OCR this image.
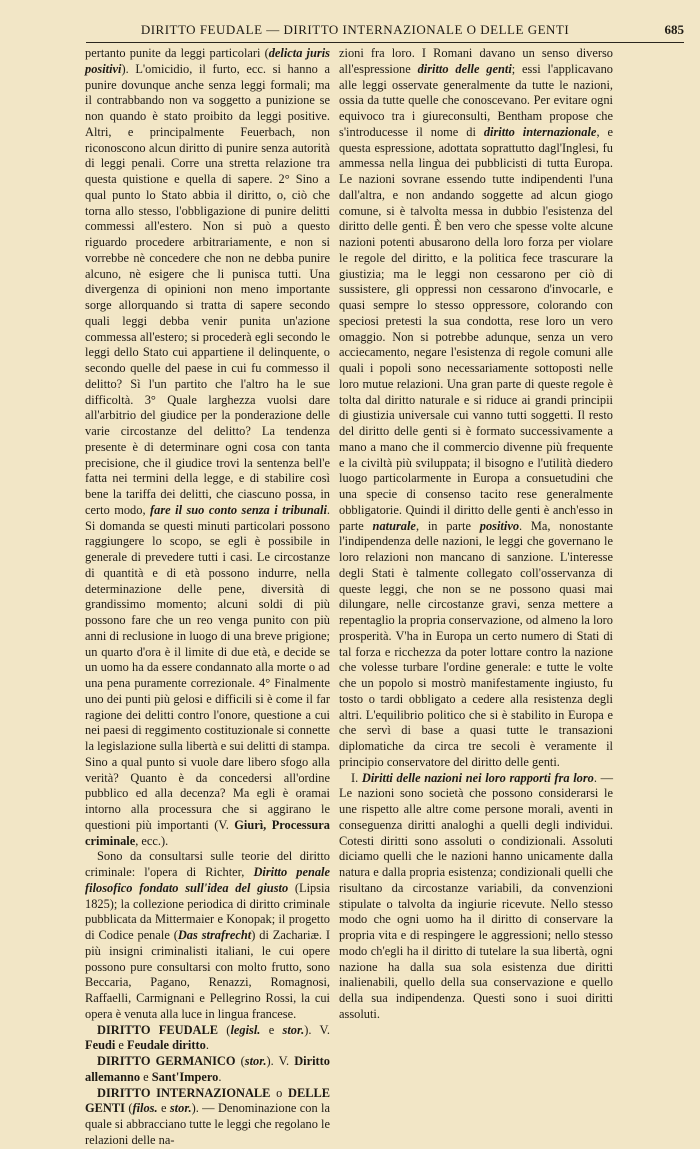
DIRITTO FEUDALE — DIRITTO INTERNAZIONALE O DELLE GENTI	685

pertanto punite da leggi particolari (delicta juris positivi). L'omicidio, il furto, ecc. si hanno a punire dovunque anche senza leggi formali; ma il contrabbando non va soggetto a punizione se non quando è stato proibito da leggi positive. Altri, e principalmente Feuerbach, non riconoscono alcun diritto di punire senza autorità di leggi penali. Corre una stretta relazione tra questa quistione e quella di sapere. 2° Sino a qual punto lo Stato abbia il diritto, o, ciò che torna allo stesso, l'obbligazione di punire delitti commessi all'estero. Non si può a questo riguardo procedere arbitrariamente, e non si vorrebbe nè concedere che non ne debba punire alcuno, nè esigere che li punisca tutti. Una divergenza di opinioni non meno importante sorge allorquando si tratta di sapere secondo quali leggi debba venir punita un'azione commessa all'estero; si procederà egli secondo le leggi dello Stato cui appartiene il delinquente, o secondo quelle del paese in cui fu commesso il delitto? Sì l'un partito che l'altro ha le sue difficoltà. 3° Quale larghezza vuolsi dare all'arbitrio del giudice per la ponderazione delle varie circostanze del delitto? La tendenza presente è di determinare ogni cosa con tanta precisione, che il giudice trovi la sentenza bell'e fatta nei termini della legge, e di stabilire così bene la tariffa dei delitti, che ciascuno possa, in certo modo, fare il suo conto senza i tribunali. Si domanda se questi minuti particolari possono raggiungere lo scopo, se egli è possibile in generale di prevedere tutti i casi. Le circostanze di quantità e di età possono indurre, nella determinazione delle pene, diversità di grandissimo momento; alcuni soldi di più possono fare che un reo venga punito con più anni di reclusione in luogo di una breve prigione; un quarto d'ora è il limite di due età, e decide se un uomo ha da essere condannato alla morte o ad una pena puramente correzionale. 4° Finalmente uno dei punti più gelosi e difficili si è come il far ragione dei delitti contro l'onore, questione a cui nei paesi di reggimento costituzionale si connette la legislazione sulla libertà e sui delitti di stampa. Sino a qual punto si vuole dare libero sfogo alla verità? Quanto è da concedersi all'ordine pubblico ed alla decenza? Ma egli è oramai intorno alla processura che si aggirano le questioni più importanti (V. Giurì, Processura criminale, ecc.).

Sono da consultarsi sulle teorie del diritto criminale: l'opera di Richter, Diritto penale filosofico fondato sull'idea del giusto (Lipsia 1825); la collezione periodica di diritto criminale pubblicata da Mittermaier e Konopak; il progetto di Codice penale (Das strafrecht) di Zachariæ. I più insigni criminalisti italiani, le cui opere possono pure consultarsi con molto frutto, sono Beccaria, Pagano, Renazzi, Romagnosi, Raffaelli, Carmignani e Pellegrino Rossi, la cui opera è venuta alla luce in lingua francese.

DIRITTO FEUDALE (legisl. e stor.). V. Feudi e Feudale diritto.

DIRITTO GERMANICO (stor.). V. Diritto allemanno e Sant'Impero.

DIRITTO INTERNAZIONALE o DELLE GENTI (filos. e stor.). — Denominazione con la quale si abbracciano tutte le leggi che regolano le relazioni delle na-

zioni fra loro. I Romani davano un senso diverso all'espressione diritto delle genti; essi l'applicavano alle leggi osservate generalmente da tutte le nazioni, ossia da tutte quelle che conoscevano. Per evitare ogni equivoco tra i giureconsulti, Bentham propose che s'introducesse il nome di diritto internazionale, e questa espressione, adottata soprattutto dagl'Inglesi, fu ammessa nella lingua dei pubblicisti di tutta Europa. Le nazioni sovrane essendo tutte indipendenti l'una dall'altra, e non andando soggette ad alcun giogo comune, si è talvolta messa in dubbio l'esistenza del diritto delle genti. È ben vero che spesse volte alcune nazioni potenti abusarono della loro forza per violare le regole del diritto, e la politica fece trascurare la giustizia; ma le leggi non cessarono per ciò di sussistere, gli oppressi non cessarono d'invocarle, e quasi sempre lo stesso oppressore, colorando con speciosi pretesti la sua condotta, rese loro un vero omaggio. Non si potrebbe adunque, senza un vero acciecamento, negare l'esistenza di regole comuni alle quali i popoli sono necessariamente sottoposti nelle loro mutue relazioni. Una gran parte di queste regole è tolta dal diritto naturale e si riduce ai grandi principii di giustizia universale cui vanno tutti soggetti. Il resto del diritto delle genti si è formato successivamente a mano a mano che il commercio divenne più frequente e la civiltà più sviluppata; il bisogno e l'utilità diedero luogo particolarmente in Europa a consuetudini che una specie di consenso tacito rese generalmente obbligatorie. Quindi il diritto delle genti è anch'esso in parte naturale, in parte positivo. Ma, nonostante l'indipendenza delle nazioni, le leggi che governano le loro relazioni non mancano di sanzione. L'interesse degli Stati è talmente collegato coll'osservanza di queste leggi, che non se ne possono quasi mai dilungare, nelle circostanze gravi, senza mettere a repentaglio la propria conservazione, od almeno la loro prosperità. V'ha in Europa un certo numero di Stati di tal forza e ricchezza da poter lottare contro la nazione che volesse turbare l'ordine generale: e tutte le volte che un popolo si mostrò manifestamente ingiusto, fu tosto o tardi obbligato a cedere alla resistenza degli altri. L'equilibrio politico che si è stabilito in Europa e che servì di base a quasi tutte le transazioni diplomatiche da circa tre secoli è veramente il principio conservatore del diritto delle genti.

I. Diritti delle nazioni nei loro rapporti fra loro. — Le nazioni sono società che possono considerarsi le une rispetto alle altre come persone morali, aventi in conseguenza diritti analoghi a quelli degli individui. Cotesti diritti sono assoluti o condizionali. Assoluti diciamo quelli che le nazioni hanno unicamente dalla natura e dalla propria esistenza; condizionali quelli che risultano da circostanze variabili, da convenzioni stipulate o talvolta da ingiurie ricevute. Nello stesso modo che ogni uomo ha il diritto di conservare la propria vita e di respingere le aggressioni; nello stesso modo ch'egli ha il diritto di tutelare la sua libertà, ogni nazione ha dalla sua sola esistenza due diritti inalienabili, quello della sua conservazione e quello della sua indipendenza. Questi sono i suoi diritti assoluti.
